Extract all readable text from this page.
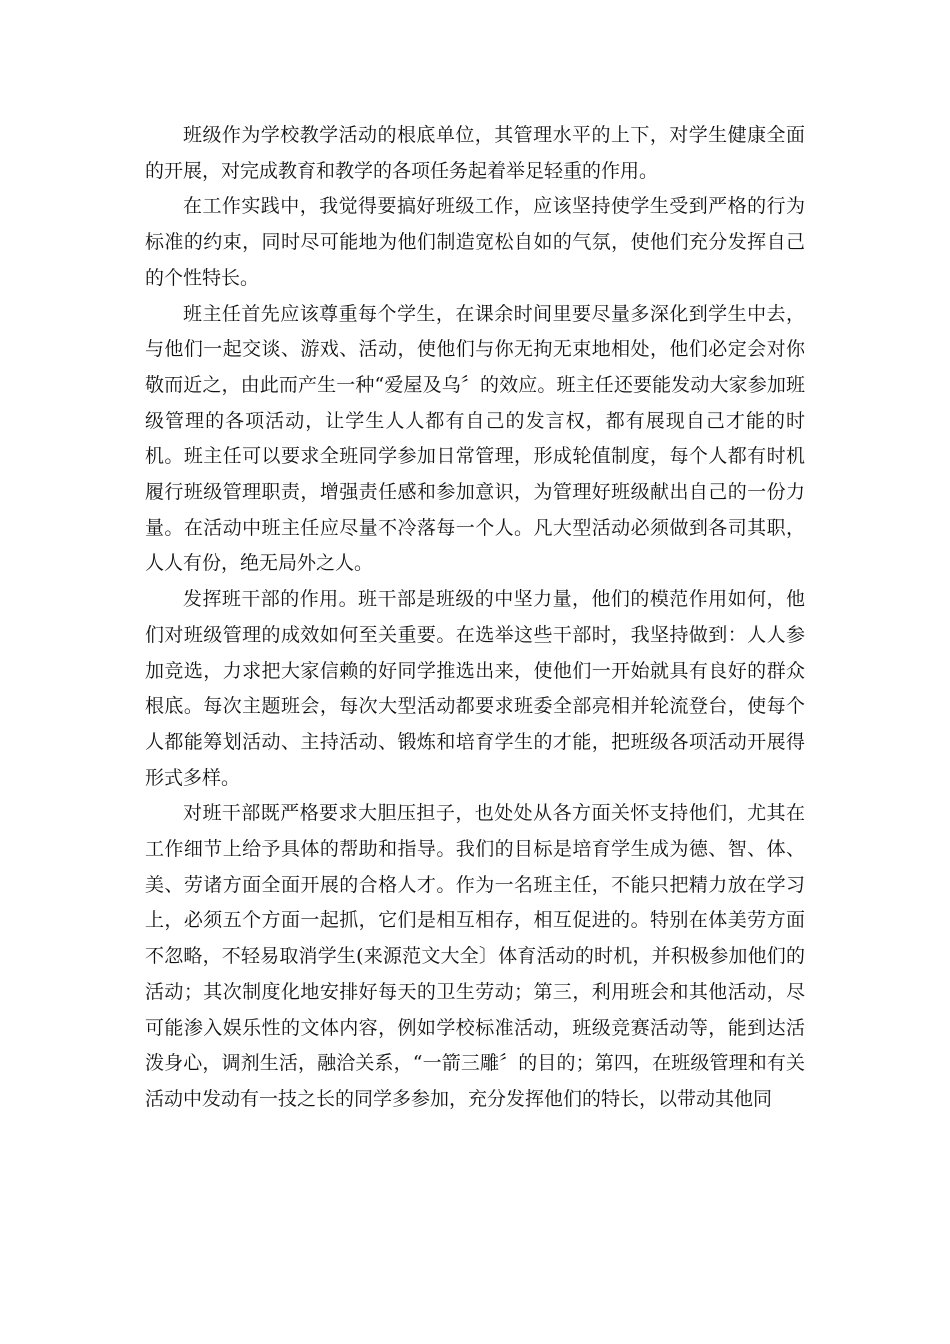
班级作为学校教学活动的根底单位，其管理水平的上下，对学生健康全面的开展，对完成教育和教学的各项任务起着举足轻重的作用。

在工作实践中，我觉得要搞好班级工作，应该坚持使学生受到严格的行为标准的约束，同时尽可能地为他们制造宽松自如的气氛，使他们充分发挥自己的个性特长。

班主任首先应该尊重每个学生，在课余时间里要尽量多深化到学生中去，与他们一起交谈、游戏、活动，使他们与你无拘无束地相处，他们必定会对你敬而近之，由此而产生一种“爱屋及乌〞的效应。班主任还要能发动大家参加班级管理的各项活动，让学生人人都有自己的发言权，都有展现自己才能的时机。班主任可以要求全班同学参加日常管理，形成轮值制度，每个人都有时机履行班级管理职责，增强责任感和参加意识，为管理好班级献出自己的一份力量。在活动中班主任应尽量不冷落每一个人。凡大型活动必须做到各司其职，人人有份，绝无局外之人。

发挥班干部的作用。班干部是班级的中坚力量，他们的模范作用如何，他们对班级管理的成效如何至关重要。在选举这些干部时，我坚持做到：人人参加竞选，力求把大家信赖的好同学推选出来，使他们一开始就具有良好的群众根底。每次主题班会，每次大型活动都要求班委全部亮相并轮流登台，使每个人都能筹划活动、主持活动、锻炼和培育学生的才能，把班级各项活动开展得形式多样。

对班干部既严格要求大胆压担子，也处处从各方面关怀支持他们，尤其在工作细节上给予具体的帮助和指导。我们的目标是培育学生成为德、智、体、美、劳诸方面全面开展的合格人才。作为一名班主任，不能只把精力放在学习上，必须五个方面一起抓，它们是相互相存，相互促进的。特别在体美劳方面不忽略，不轻易取消学生(来源范文大全〕体育活动的时机，并积极参加他们的活动；其次制度化地安排好每天的卫生劳动；第三，利用班会和其他活动，尽可能渗入娱乐性的文体内容，例如学校标准活动，班级竞赛活动等，能到达活泼身心，调剂生活，融洽关系，“一箭三雕〞的目的；第四，在班级管理和有关活动中发动有一技之长的同学多参加，充分发挥他们的特长，以带动其他同
